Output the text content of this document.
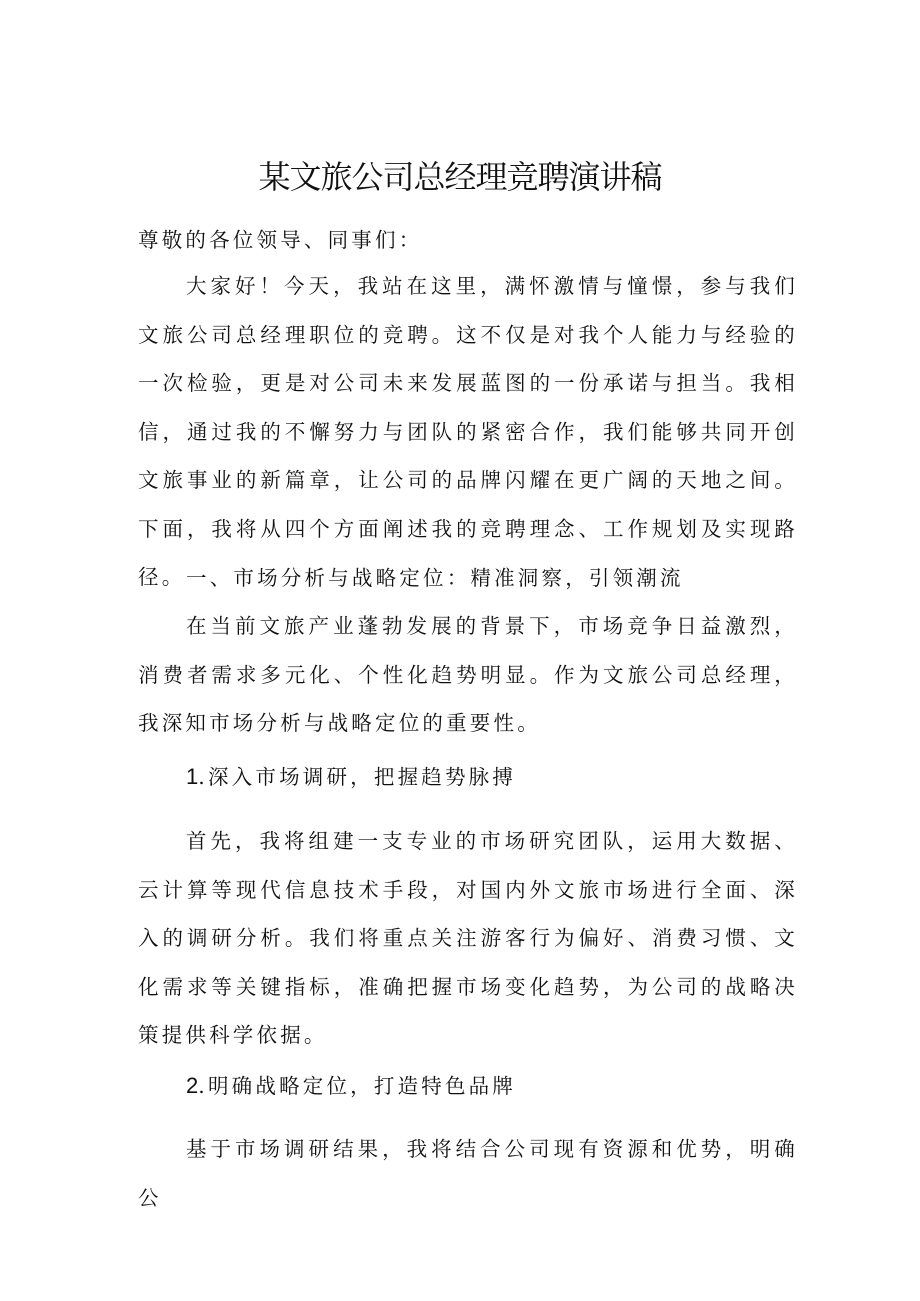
某文旅公司总经理竞聘演讲稿

尊敬的各位领导、同事们：

大家好！今天，我站在这里，满怀激情与憧憬，参与我们文旅公司总经理职位的竞聘。这不仅是对我个人能力与经验的一次检验，更是对公司未来发展蓝图的一份承诺与担当。我相信，通过我的不懈努力与团队的紧密合作，我们能够共同开创文旅事业的新篇章，让公司的品牌闪耀在更广阔的天地之间。下面，我将从四个方面阐述我的竞聘理念、工作规划及实现路径。 一、市场分析与战略定位：精准洞察，引领潮流

在当前文旅产业蓬勃发展的背景下，市场竞争日益激烈，消费者需求多元化、个性化趋势明显。作为文旅公司总经理，我深知市场分析与战略定位的重要性。

1.深入市场调研，把握趋势脉搏

首先，我将组建一支专业的市场研究团队，运用大数据、云计算等现代信息技术手段，对国内外文旅市场进行全面、深入的调研分析。我们将重点关注游客行为偏好、消费习惯、文化需求等关键指标，准确把握市场变化趋势，为公司的战略决策提供科学依据。

2.明确战略定位，打造特色品牌

基于市场调研结果，我将结合公司现有资源和优势，明确公
